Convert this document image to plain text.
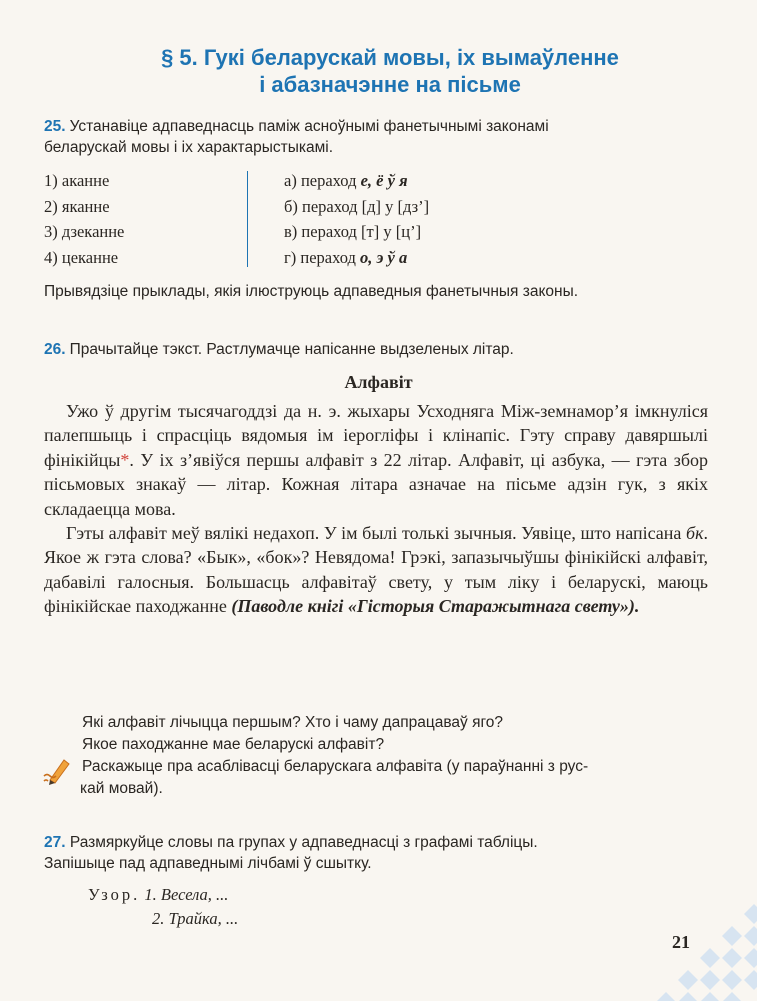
§ 5. Гукі беларускай мовы, іх вымаўленне
і абазначэнне на пісьме
25. Устанавіце адпаведнасць паміж асноўнымі фанетычнымі законамі
беларускай мовы і іх характарыстыкамі.
1) аканне
2) яканне
3) дзеканне
4) цеканне
а) пераход е, ё ў я
б) пераход [д] у [дз’]
в) пераход [т] у [ц’]
г) пераход о, э ў а
Прывядзіце прыклады, якія ілюструюць адпаведныя фанетычныя законы.
26. Прачытайце тэкст. Растлумачце напісанне выдзеленых літар.
Алфавіт

Ужо ў другім тысячагоддзі да н. э. жыхары Усходняга Між-земнамор’я імкнуліся палепшыць і спрасціць вядомыя ім іерогліфы і клінапіс. Гэту справу давяршылі фінікійцы*. У іх з’явіўся першы алфавіт з 22 літар. Алфавіт, ці азбука, — гэта збор пісьмовых знакаў — літар. Кожная літара азначае на пісьме адзін гук, з якіх складаецца мова.

Гэты алфавіт меў вялікі недахоп. У ім былі толькі зычныя. Уявіце, што напісана бк. Якое ж гэта слова? «Бык», «бок»? Невядома! Грэкі, запазычыўшы фінікійскі алфавіт, дабавілі галосныя. Большасць алфавітаў свету, у тым ліку і беларускі, маюць фінікійскае паходжанне (Паводле кнігі «Гісторыя Старажытнага свету»).

Які алфавіт лічыцца першым? Хто і чаму дапрацаваў яго?
Якое паходжанне мае беларускі алфавіт?
Раскажыце пра асаблівасці беларускага алфавіта (у параўнанні з рус-
кай мовай).
27. Размяркуйце словы па групах у адпаведнасці з графамі табліцы.
Запішыце пад адпаведнымі лічбамі ў сшытку.
Узор. 1. Весела, ...
2. Трайка, ...
21
